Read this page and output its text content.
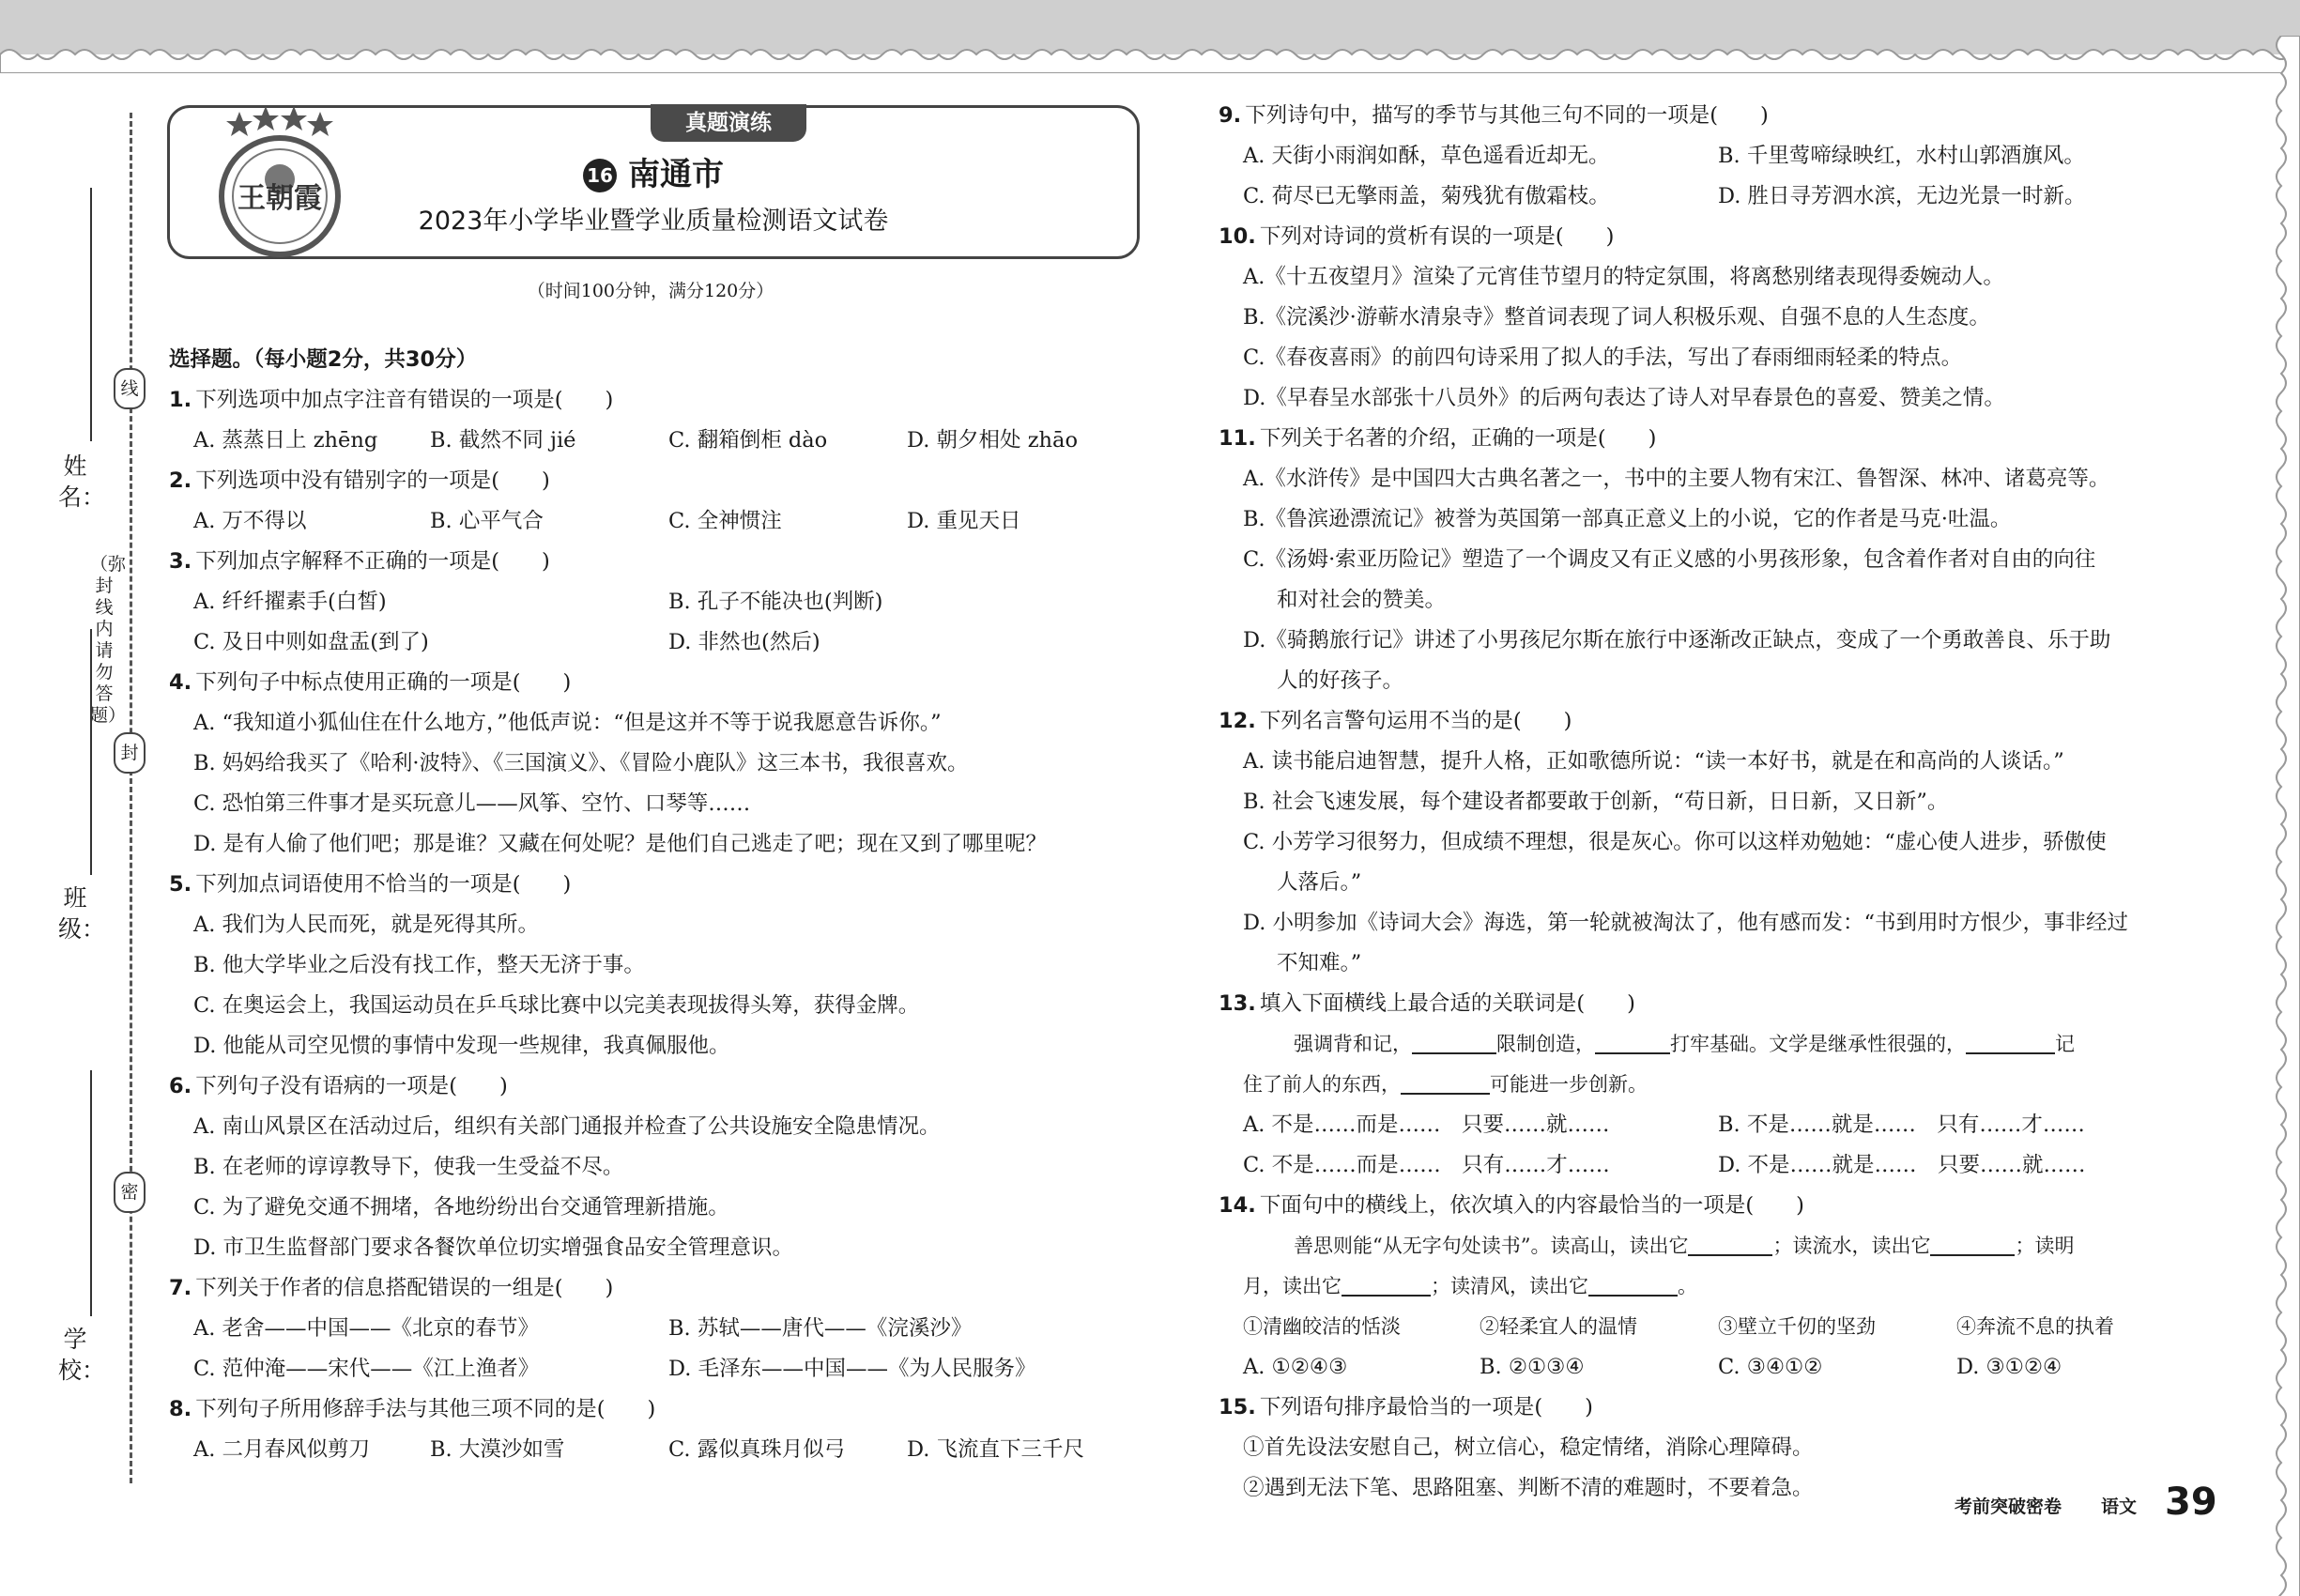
线
封
密
（弥封线内请勿答题）
姓名：
班级：
学校：
王朝霞
真题演练
16 南通市
2023年小学毕业暨学业质量检测语文试卷
（时间100分钟，满分120分）
选择题。（每小题2分，共30分）
1. 下列选项中加点字注音有错误的一项是(　　)
A. 蒸蒸日上 zhēng B. 截然不同 jié	C. 翻箱倒柜 dào	D. 朝夕相处 zhāo
2. 下列选项中没有错别字的一项是(　　)
A. 万不得以	B. 心平气合	C. 全神惯注	D. 重见天日
3. 下列加点字解释不正确的一项是(　　)
A. 纤纤擢素手(白皙)	B. 孔子不能决也(判断)
C. 及日中则如盘盂(到了)	D. 非然也(然后)
4. 下列句子中标点使用正确的一项是(　　)
A. “我知道小狐仙住在什么地方，”他低声说：“但是这并不等于说我愿意告诉你。”
B. 妈妈给我买了《哈利·波特》、《三国演义》、《冒险小鹿队》这三本书，我很喜欢。
C. 恐怕第三件事才是买玩意儿——风筝、空竹、口琴等……
D. 是有人偷了他们吧；那是谁？又藏在何处呢？是他们自己逃走了吧；现在又到了哪里呢？
5. 下列加点词语使用不恰当的一项是(　　)
A. 我们为人民而死，就是死得其所。
B. 他大学毕业之后没有找工作，整天无济于事。
C. 在奥运会上，我国运动员在乒乓球比赛中以完美表现拔得头筹，获得金牌。
D. 他能从司空见惯的事情中发现一些规律，我真佩服他。
6. 下列句子没有语病的一项是(　　)
A. 南山风景区在活动过后，组织有关部门通报并检查了公共设施安全隐患情况。
B. 在老师的谆谆教导下，使我一生受益不尽。
C. 为了避免交通不拥堵，各地纷纷出台交通管理新措施。
D. 市卫生监督部门要求各餐饮单位切实增强食品安全管理意识。
7. 下列关于作者的信息搭配错误的一组是(　　)
A. 老舍——中国——《北京的春节》	B. 苏轼——唐代——《浣溪沙》
C. 范仲淹——宋代——《江上渔者》	D. 毛泽东——中国——《为人民服务》
8. 下列句子所用修辞手法与其他三项不同的是(　　)
A. 二月春风似剪刀	B. 大漠沙如雪	C. 露似真珠月似弓	D. 飞流直下三千尺
9. 下列诗句中，描写的季节与其他三句不同的一项是(　　)
A. 天街小雨润如酥，草色遥看近却无。	B. 千里莺啼绿映红，水村山郭酒旗风。
C. 荷尽已无擎雨盖，菊残犹有傲霜枝。	D. 胜日寻芳泗水滨，无边光景一时新。
10. 下列对诗词的赏析有误的一项是(　　)
A.《十五夜望月》渲染了元宵佳节望月的特定氛围，将离愁别绪表现得委婉动人。
B.《浣溪沙·游蕲水清泉寺》整首词表现了词人积极乐观、自强不息的人生态度。
C.《春夜喜雨》的前四句诗采用了拟人的手法，写出了春雨细雨轻柔的特点。
D.《早春呈水部张十八员外》的后两句表达了诗人对早春景色的喜爱、赞美之情。
11. 下列关于名著的介绍，正确的一项是(　　)
A.《水浒传》是中国四大古典名著之一，书中的主要人物有宋江、鲁智深、林冲、诸葛亮等。
B.《鲁滨逊漂流记》被誉为英国第一部真正意义上的小说，它的作者是马克·吐温。
C.《汤姆·索亚历险记》塑造了一个调皮又有正义感的小男孩形象，包含着作者对自由的向往
和对社会的赞美。
D.《骑鹅旅行记》讲述了小男孩尼尔斯在旅行中逐渐改正缺点，变成了一个勇敢善良、乐于助
人的好孩子。
12. 下列名言警句运用不当的是(　　)
A. 读书能启迪智慧，提升人格，正如歌德所说：“读一本好书，就是在和高尚的人谈话。”
B. 社会飞速发展，每个建设者都要敢于创新，“苟日新，日日新，又日新”。
C. 小芳学习很努力，但成绩不理想，很是灰心。你可以这样劝勉她：“虚心使人进步，骄傲使
人落后。”
D. 小明参加《诗词大会》海选，第一轮就被淘汰了，他有感而发：“书到用时方恨少，事非经过
不知难。”
13. 填入下面横线上最合适的关联词是(　　)
强调背和记，	限制创造，	打牢基础。文学是继承性很强的，	记
住了前人的东西，	可能进一步创新。
A. 不是……而是……　只要……就……	B. 不是……就是……　只有……才……
C. 不是……而是……　只有……才……	D. 不是……就是……　只要……就……
14. 下面句中的横线上，依次填入的内容最恰当的一项是(　　)
善思则能“从无字句处读书”。读高山，读出它	；读流水，读出它	；读明
月，读出它	；读清风，读出它	。
①清幽皎洁的恬淡	②轻柔宜人的温情	③壁立千仞的坚劲	④奔流不息的执着
A. ①②④③	B. ②①③④	C. ③④①②	D. ③①②④
15. 下列语句排序最恰当的一项是(　　)
①首先设法安慰自己，树立信心，稳定情绪，消除心理障碍。
②遇到无法下笔、思路阻塞、判断不清的难题时，不要着急。
考前突破密卷 语文 39
